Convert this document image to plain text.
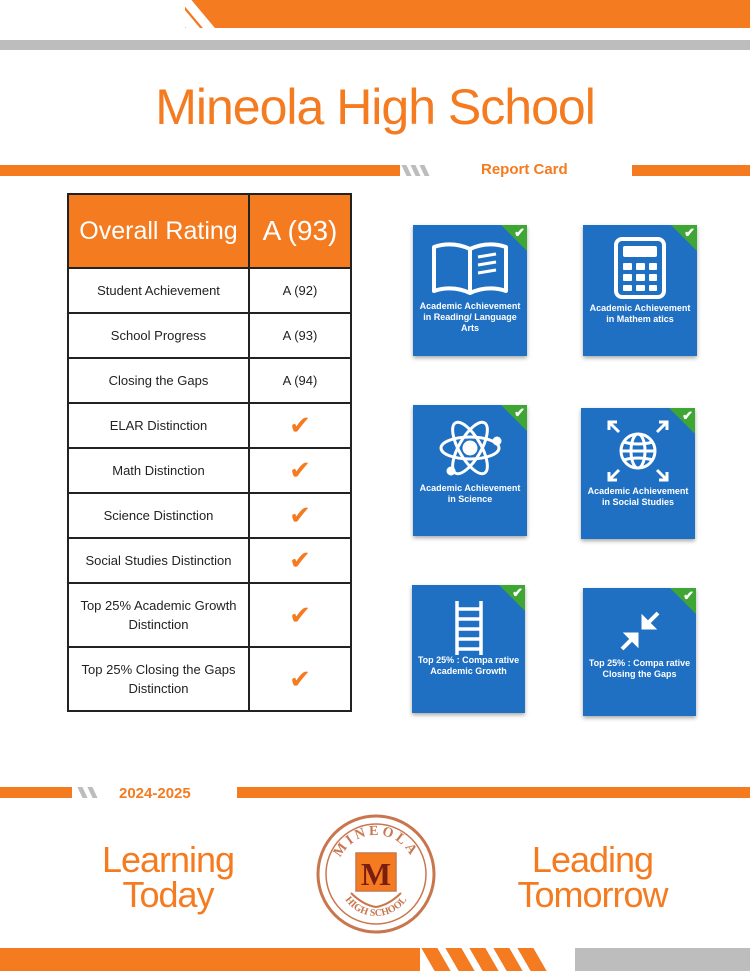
Mineola High School
Report Card
Overall Rating	A (93)
Student Achievement	A (92)
School Progress	A (93)
Closing the Gaps	A (94)
ELAR Distinction	✔
Math Distinction	✔
Science Distinction	✔
Social Studies Distinction	✔
Top 25% Academic Growth Distinction	✔
Top 25% Closing the Gaps Distinction	✔
✔
Academic Achievement in Reading/ Language Arts
✔
Academic Achievement in Mathem atics
✔
Academic Achievement in Science
✔
Academic Achievement in Social Studies
✔
Top 25% : Compa rative Academic Growth
✔
Top 25% : Compa rative Closing the Gaps
2024-2025
Learning
Today
Leading
Tomorrow
MINEOLA
HIGH SCHOOL
M
